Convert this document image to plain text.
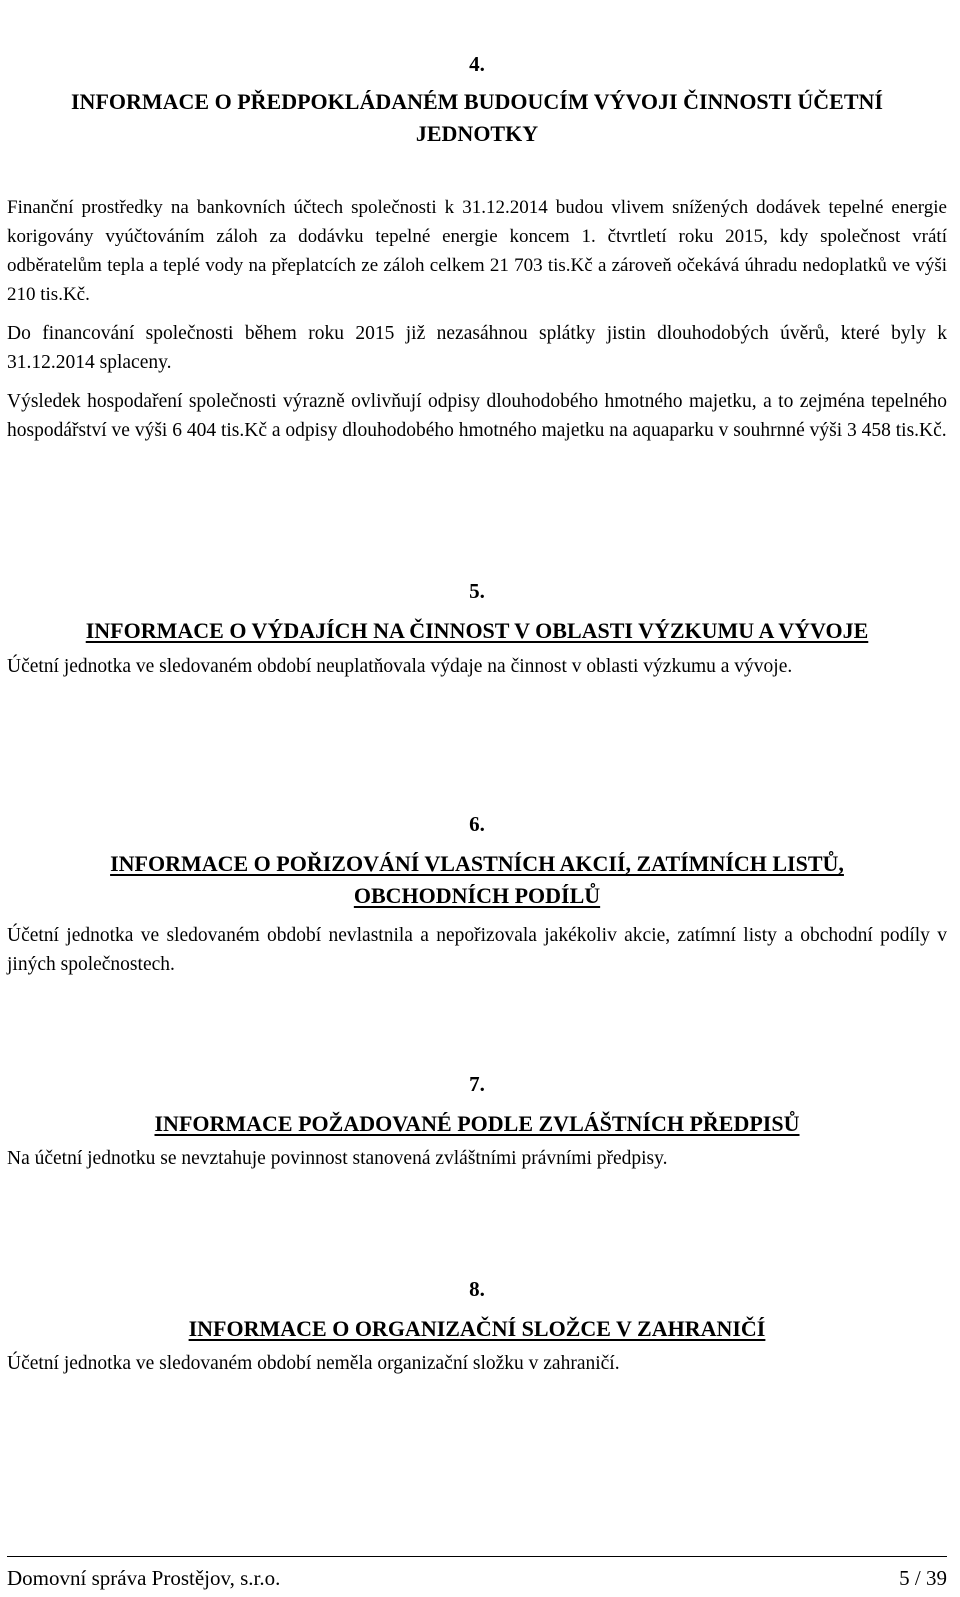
4.

INFORMACE O PŘEDPOKLÁDANÉM BUDOUCÍM VÝVOJI ČINNOSTI ÚČETNÍ

JEDNOTKY

Finanční prostředky na bankovních účtech společnosti k 31.12.2014 budou vlivem snížených dodávek tepelné energie korigovány vyúčtováním záloh za dodávku tepelné energie koncem 1. čtvrtletí roku 2015, kdy společnost vrátí odběratelům tepla a teplé vody na přeplatcích ze záloh celkem 21 703 tis.Kč a zároveň očekává úhradu nedoplatků ve výši 210 tis.Kč.

Do financování společnosti během roku 2015 již nezasáhnou splátky jistin dlouhodobých úvěrů, které byly k 31.12.2014 splaceny.

Výsledek hospodaření společnosti výrazně ovlivňují odpisy dlouhodobého hmotného majetku, a to zejména tepelného hospodářství ve výši 6 404 tis.Kč a odpisy dlouhodobého hmotného majetku na aquaparku v souhrnné výši 3 458 tis.Kč.

5.

INFORMACE O VÝDAJÍCH NA ČINNOST V OBLASTI VÝZKUMU A VÝVOJE

Účetní jednotka ve sledovaném období neuplatňovala výdaje na činnost v oblasti výzkumu a vývoje.

6.

INFORMACE O POŘIZOVÁNÍ VLASTNÍCH AKCIÍ, ZATÍMNÍCH LISTŮ,

OBCHODNÍCH PODÍLŮ

Účetní jednotka ve sledovaném období nevlastnila a nepořizovala jakékoliv akcie, zatímní listy a obchodní podíly v jiných společnostech.

7.

INFORMACE POŽADOVANÉ PODLE ZVLÁŠTNÍCH PŘEDPISŮ

Na účetní jednotku se nevztahuje povinnost stanovená zvláštními právními předpisy.

8.

INFORMACE O ORGANIZAČNÍ SLOŽCE V ZAHRANIČÍ

Účetní jednotka ve sledovaném období neměla organizační složku v zahraničí.

Domovní správa Prostějov, s.r.o.	5 / 39
